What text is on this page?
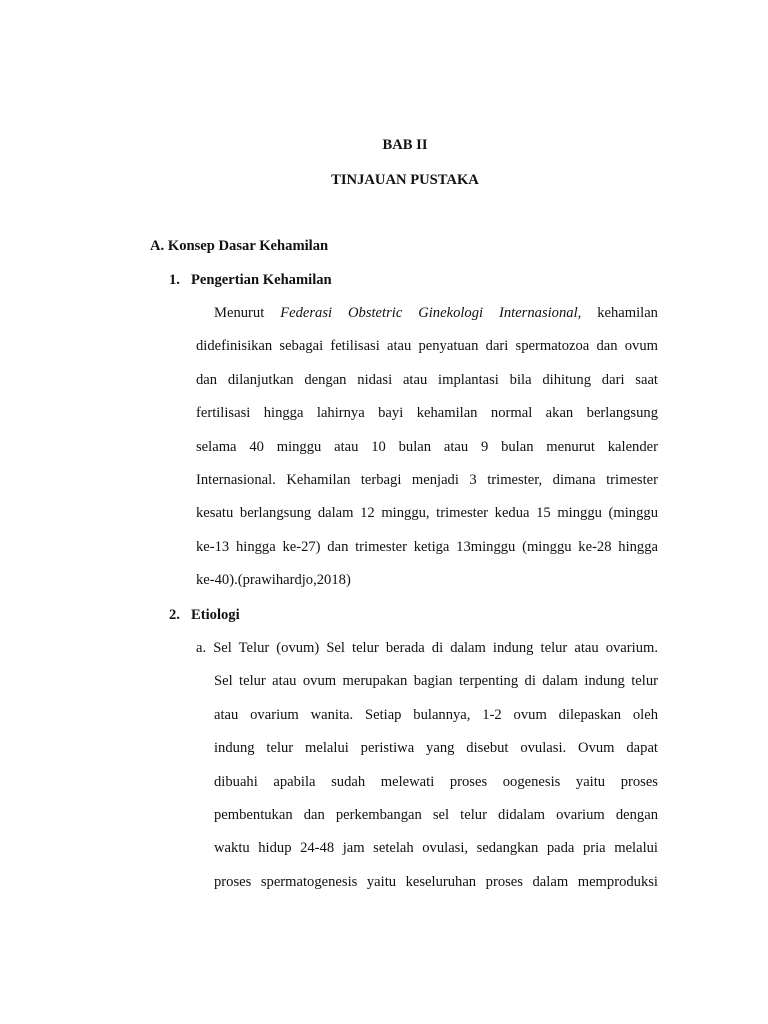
BAB II
TINJAUAN PUSTAKA
A. Konsep Dasar Kehamilan
1. Pengertian Kehamilan
Menurut Federasi Obstetric Ginekologi Internasional, kehamilan
didefinisikan sebagai fetilisasi atau penyatuan dari spermatozoa dan ovum
dan dilanjutkan dengan nidasi atau implantasi bila dihitung dari saat
fertilisasi hingga lahirnya bayi kehamilan normal akan berlangsung
selama 40 minggu atau 10 bulan atau 9 bulan menurut kalender
Internasional. Kehamilan terbagi menjadi 3 trimester, dimana trimester
kesatu berlangsung dalam 12 minggu, trimester kedua 15 minggu (minggu
ke-13 hingga ke-27) dan trimester ketiga 13minggu (minggu ke-28 hingga
ke-40).(prawihardjo,2018)
2. Etiologi
a. Sel Telur (ovum) Sel telur berada di dalam indung telur atau ovarium.
Sel telur atau ovum merupakan bagian terpenting di dalam indung telur
atau ovarium wanita. Setiap bulannya, 1-2 ovum dilepaskan oleh
indung telur melalui peristiwa yang disebut ovulasi. Ovum dapat
dibuahi apabila sudah melewati proses oogenesis yaitu proses
pembentukan dan perkembangan sel telur didalam ovarium dengan
waktu hidup 24-48 jam setelah ovulasi, sedangkan pada pria melalui
proses spermatogenesis yaitu keseluruhan proses dalam memproduksi
